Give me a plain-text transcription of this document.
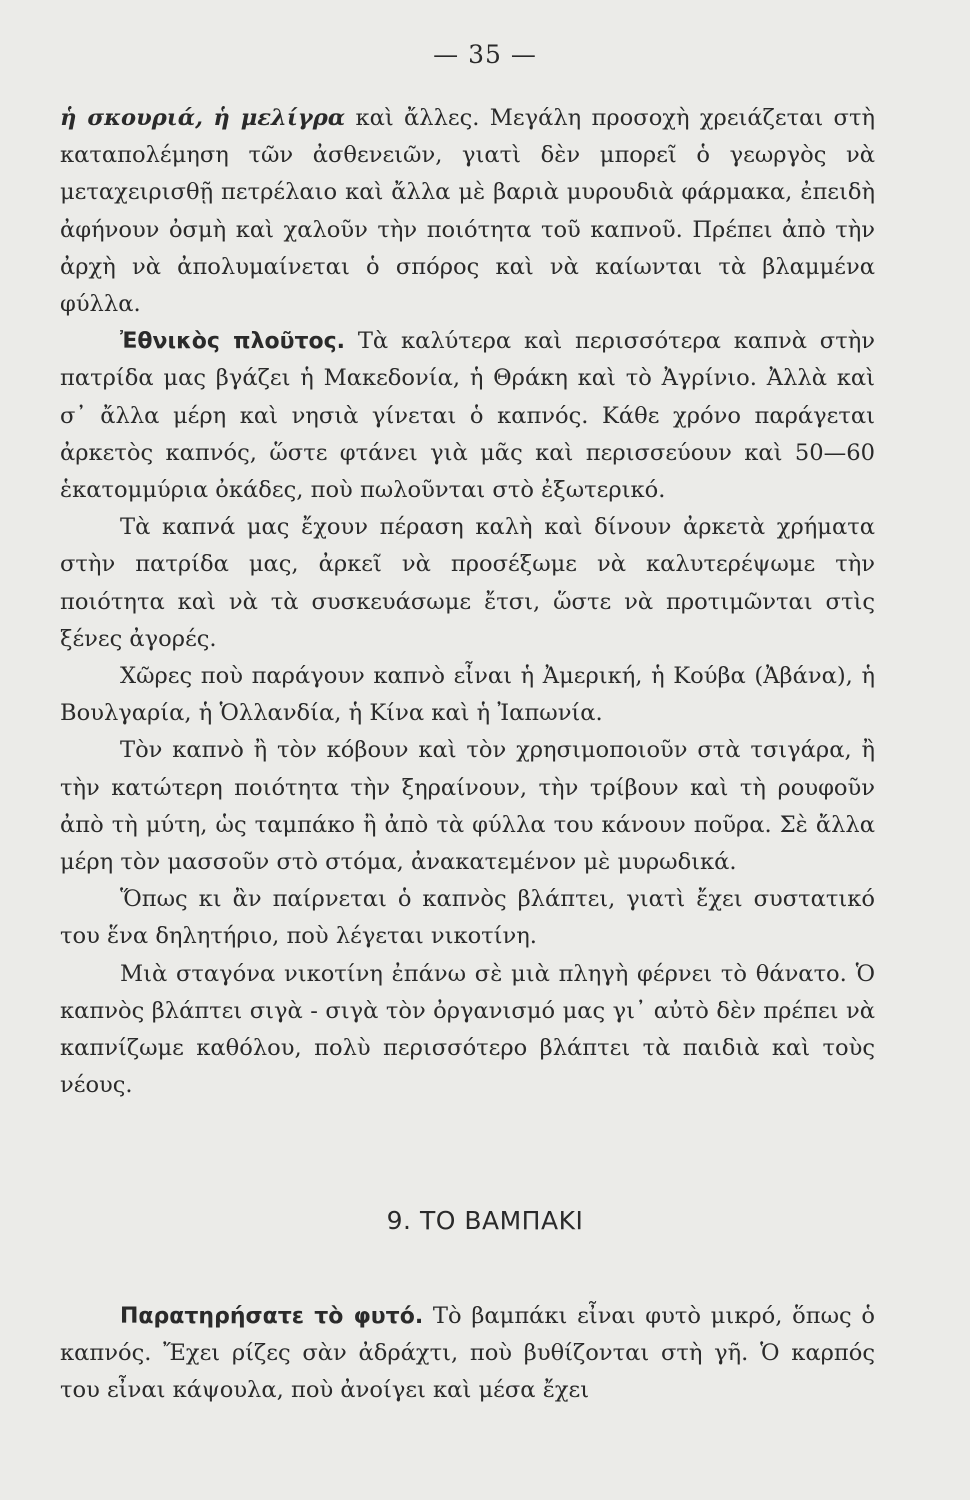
— 35 —

ἡ σκουριά, ἡ μελίγρα καὶ ἄλλες. Μεγάλη προσοχὴ χρειάζεται στὴ καταπολέμηση τῶν ἀσθενειῶν, γιατὶ δὲν μπορεῖ ὁ γεωργὸς νὰ μεταχειρισθῇ πετρέλαιο καὶ ἄλλα μὲ βαριὰ μυρουδιὰ φάρμακα, ἐπειδὴ ἀφήνουν ὀσμὴ καὶ χαλοῦν τὴν ποιότητα τοῦ καπνοῦ. Πρέπει ἀπὸ τὴν ἀρχὴ νὰ ἀπολυμαίνεται ὁ σπόρος καὶ νὰ καίωνται τὰ βλαμμένα φύλλα.

Ἐθνικὸς πλοῦτος. Τὰ καλύτερα καὶ περισσότερα καπνὰ στὴν πατρίδα μας βγάζει ἡ Μακεδονία, ἡ Θράκη καὶ τὸ Ἀγρίνιο. Ἀλλὰ καὶ σ᾿ ἄλλα μέρη καὶ νησιὰ γίνεται ὁ καπνός. Κάθε χρόνο παράγεται ἀρκετὸς καπνός, ὥστε φτάνει γιὰ μᾶς καὶ περισσεύουν καὶ 50—60 ἑκατομμύρια ὀκάδες, ποὺ πωλοῦνται στὸ ἐξωτερικό.

Τὰ καπνά μας ἔχουν πέραση καλὴ καὶ δίνουν ἀρκετὰ χρήματα στὴν πατρίδα μας, ἀρκεῖ νὰ προσέξωμε νὰ καλυτερέψωμε τὴν ποιότητα καὶ νὰ τὰ συσκευάσωμε ἔτσι, ὥστε νὰ προτιμῶνται στὶς ξένες ἀγορές.

Χῶρες ποὺ παράγουν καπνὸ εἶναι ἡ Ἀμερική, ἡ Κούβα (Ἀβάνα), ἡ Βουλγαρία, ἡ Ὁλλανδία, ἡ Κίνα καὶ ἡ Ἰαπωνία.

Τὸν καπνὸ ἢ τὸν κόβουν καὶ τὸν χρησιμοποιοῦν στὰ τσιγάρα, ἢ τὴν κατώτερη ποιότητα τὴν ξηραίνουν, τὴν τρίβουν καὶ τὴ ρουφοῦν ἀπὸ τὴ μύτη, ὡς ταμπάκο ἢ ἀπὸ τὰ φύλλα του κάνουν ποῦρα. Σὲ ἄλλα μέρη τὸν μασσοῦν στὸ στόμα, ἀνακατεμένον μὲ μυρωδικά.

Ὅπως κι ἂν παίρνεται ὁ καπνὸς βλάπτει, γιατὶ ἔχει συστατικό του ἕνα δηλητήριο, ποὺ λέγεται νικοτίνη.

Μιὰ σταγόνα νικοτίνη ἐπάνω σὲ μιὰ πληγὴ φέρνει τὸ θάνατο. Ὁ καπνὸς βλάπτει σιγὰ - σιγὰ τὸν ὀργανισμό μας γι᾿ αὐτὸ δὲν πρέπει νὰ καπνίζωμε καθόλου, πολὺ περισσότερο βλάπτει τὰ παιδιὰ καὶ τοὺς νέους.

9. ΤΟ ΒΑΜΠΑΚΙ

Παρατηρήσατε τὸ φυτό. Τὸ βαμπάκι εἶναι φυτὸ μικρό, ὅπως ὁ καπνός. Ἔχει ρίζες σὰν ἀδράχτι, ποὺ βυθίζονται στὴ γῆ. Ὁ καρπός του εἶναι κάψουλα, ποὺ ἀνοίγει καὶ μέσα ἔχει
